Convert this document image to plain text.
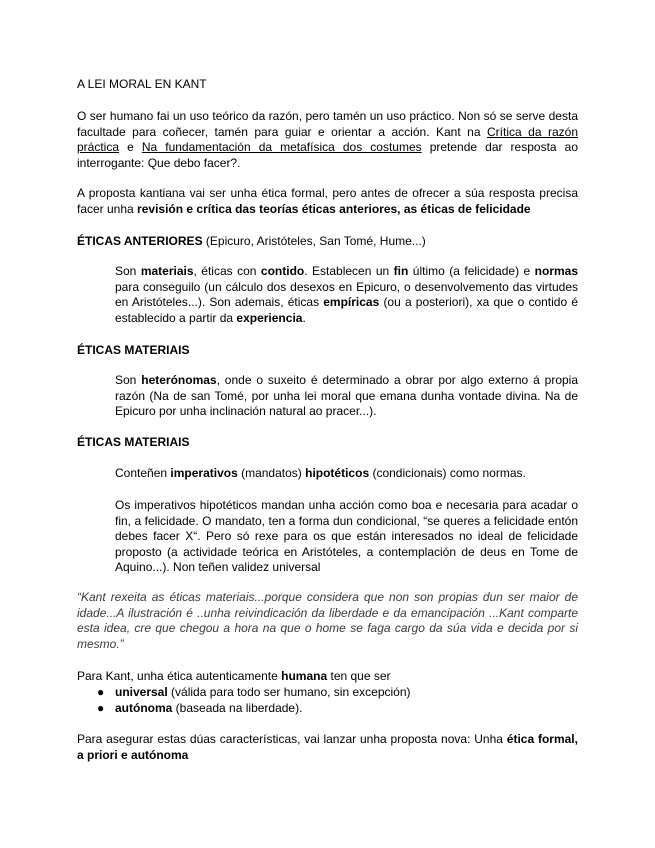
A LEI MORAL EN KANT

O ser humano fai un uso teórico da razón, pero tamén un uso práctico. Non só se serve desta facultade para coñecer, tamén para guiar e orientar a acción. Kant na Crítica da razón práctica e Na fundamentación da metafísica dos costumes pretende dar resposta ao interrogante: Que debo facer?.

A proposta kantiana vai ser unha ética formal, pero antes de ofrecer a súa resposta precisa facer unha revisión e crítica das teorías éticas anteriores, as éticas de felicidade

ÉTICAS ANTERIORES (Epicuro, Aristóteles, San Tomé, Hume...)

Son materiais, éticas con contido. Establecen un fin último (a felicidade) e normas para conseguilo (un cálculo dos desexos en Epicuro, o desenvolvemento das virtudes en Aristóteles...). Son ademais, éticas empíricas (ou a posteriori), xa que o contido é establecido a partir da experiencia.

ÉTICAS MATERIAIS

Son heterónomas, onde o suxeito é determinado a obrar por algo externo á propia razón (Na de san Tomé, por unha lei moral que emana dunha vontade divina. Na de Epicuro por unha inclinación natural ao pracer...).

ÉTICAS MATERIAIS

Conteñen imperativos (mandatos) hipotéticos (condicionais) como normas.

Os imperativos hipotéticos mandan unha acción como boa e necesaria para acadar o fin, a felicidade. O mandato, ten a forma dun condicional, “se queres a felicidade entón debes facer X“. Pero só rexe para os que están interesados no ideal de felicidade proposto (a actividade teórica en Aristóteles, a contemplación de deus en Tome de Aquino...). Non teñen validez universal

“Kant rexeita as éticas materiais...porque considera que non son propias dun ser maior de idade...A ilustración é ..unha reivindicación da liberdade e da emancipación ...Kant comparte esta idea, cre que chegou a hora na que o home se faga cargo da súa vida e decida por si mesmo.”

Para Kant, unha ética autenticamente humana ten que ser

● universal (válida para todo ser humano, sin excepción)
● autónoma (baseada na liberdade).

Para asegurar estas dúas características, vai lanzar unha proposta nova: Unha ética formal, a priori e autónoma
